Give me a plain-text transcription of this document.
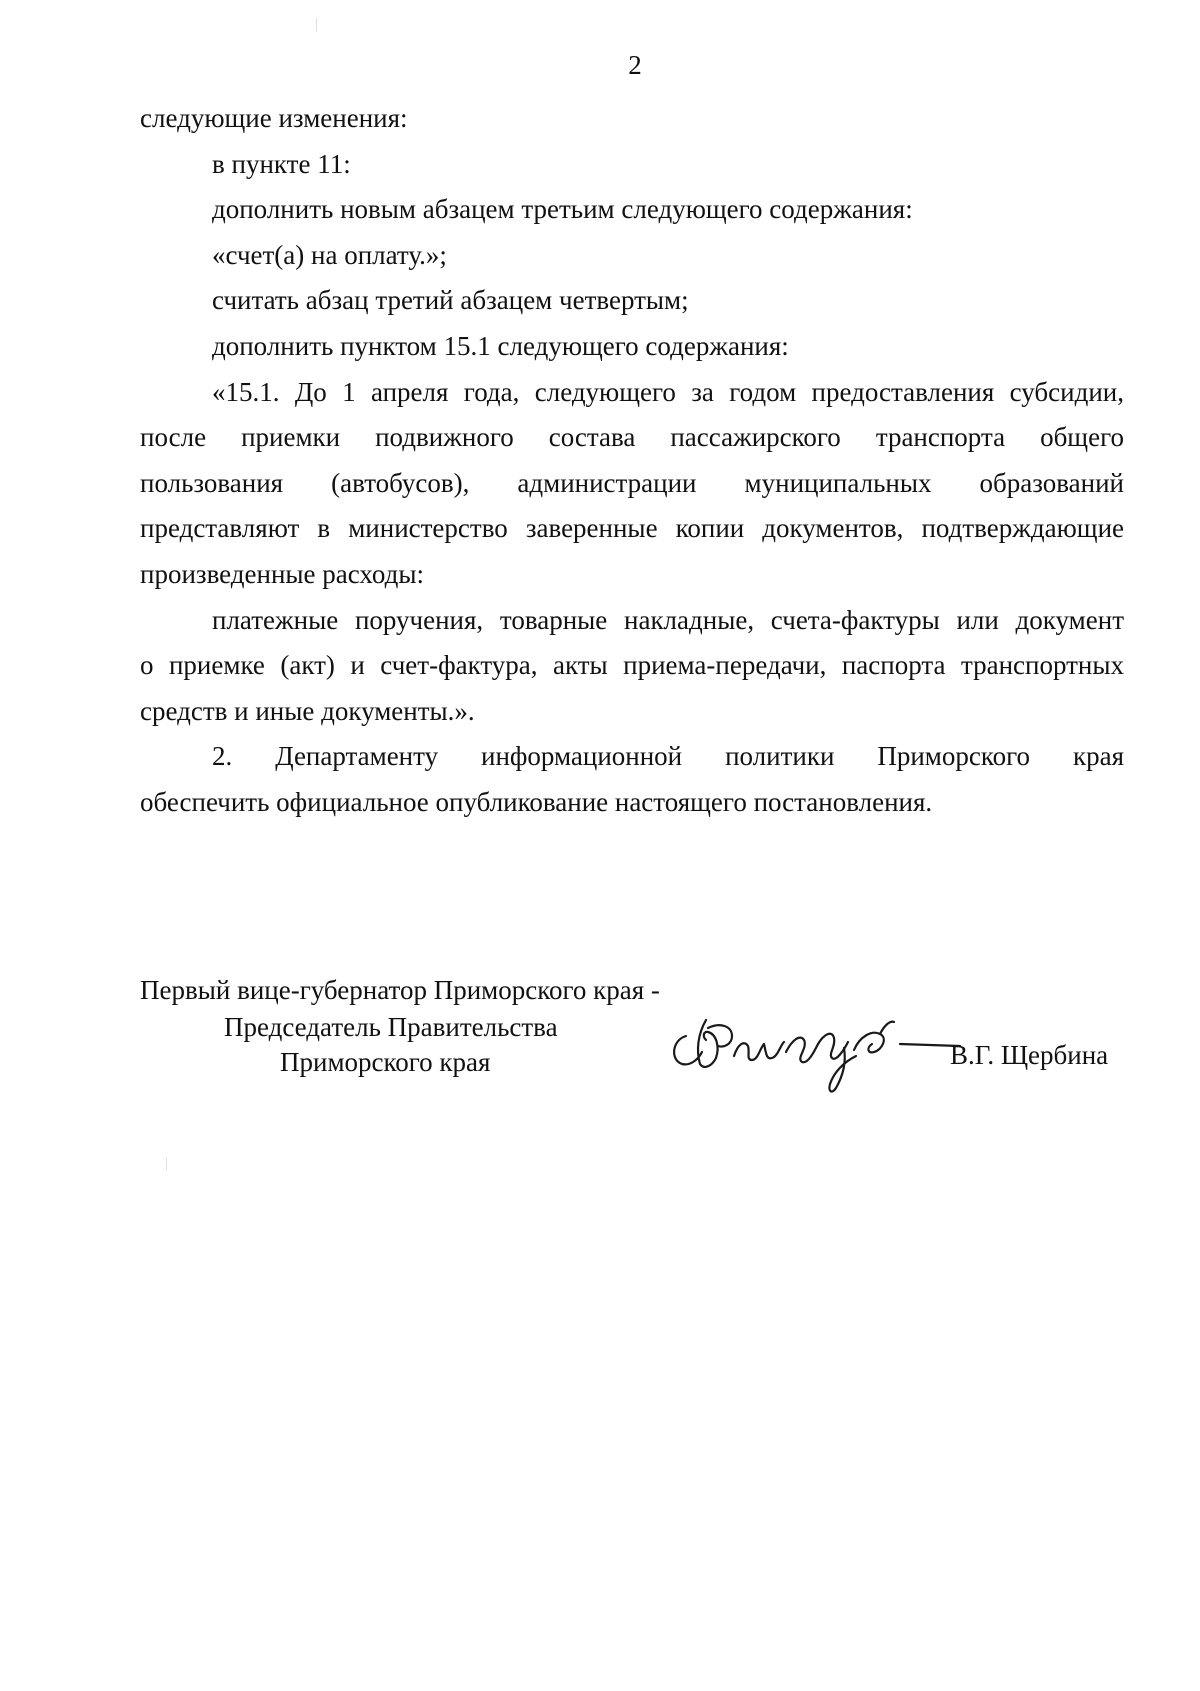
2

следующие изменения:

в пункте 11:

дополнить новым абзацем третьим следующего содержания:

«счет(а) на оплату.»;

считать абзац третий абзацем четвертым;

дополнить пунктом 15.1 следующего содержания:

«15.1. До 1 апреля года, следующего за годом предоставления субсидии,

после приемки подвижного состава пассажирского транспорта общего

пользования (автобусов), администрации муниципальных образований

представляют в министерство заверенные копии документов, подтверждающие

произведенные расходы:

платежные поручения, товарные накладные, счета-фактуры или документ

о приемке (акт) и счет-фактура, акты приема-передачи, паспорта транспортных

средств и иные документы.».

2. Департаменту информационной политики Приморского края

обеспечить официальное опубликование настоящего постановления.

Первый вице-губернатор Приморского края -
Председатель Правительства
Приморского края	В.Г. Щербина
